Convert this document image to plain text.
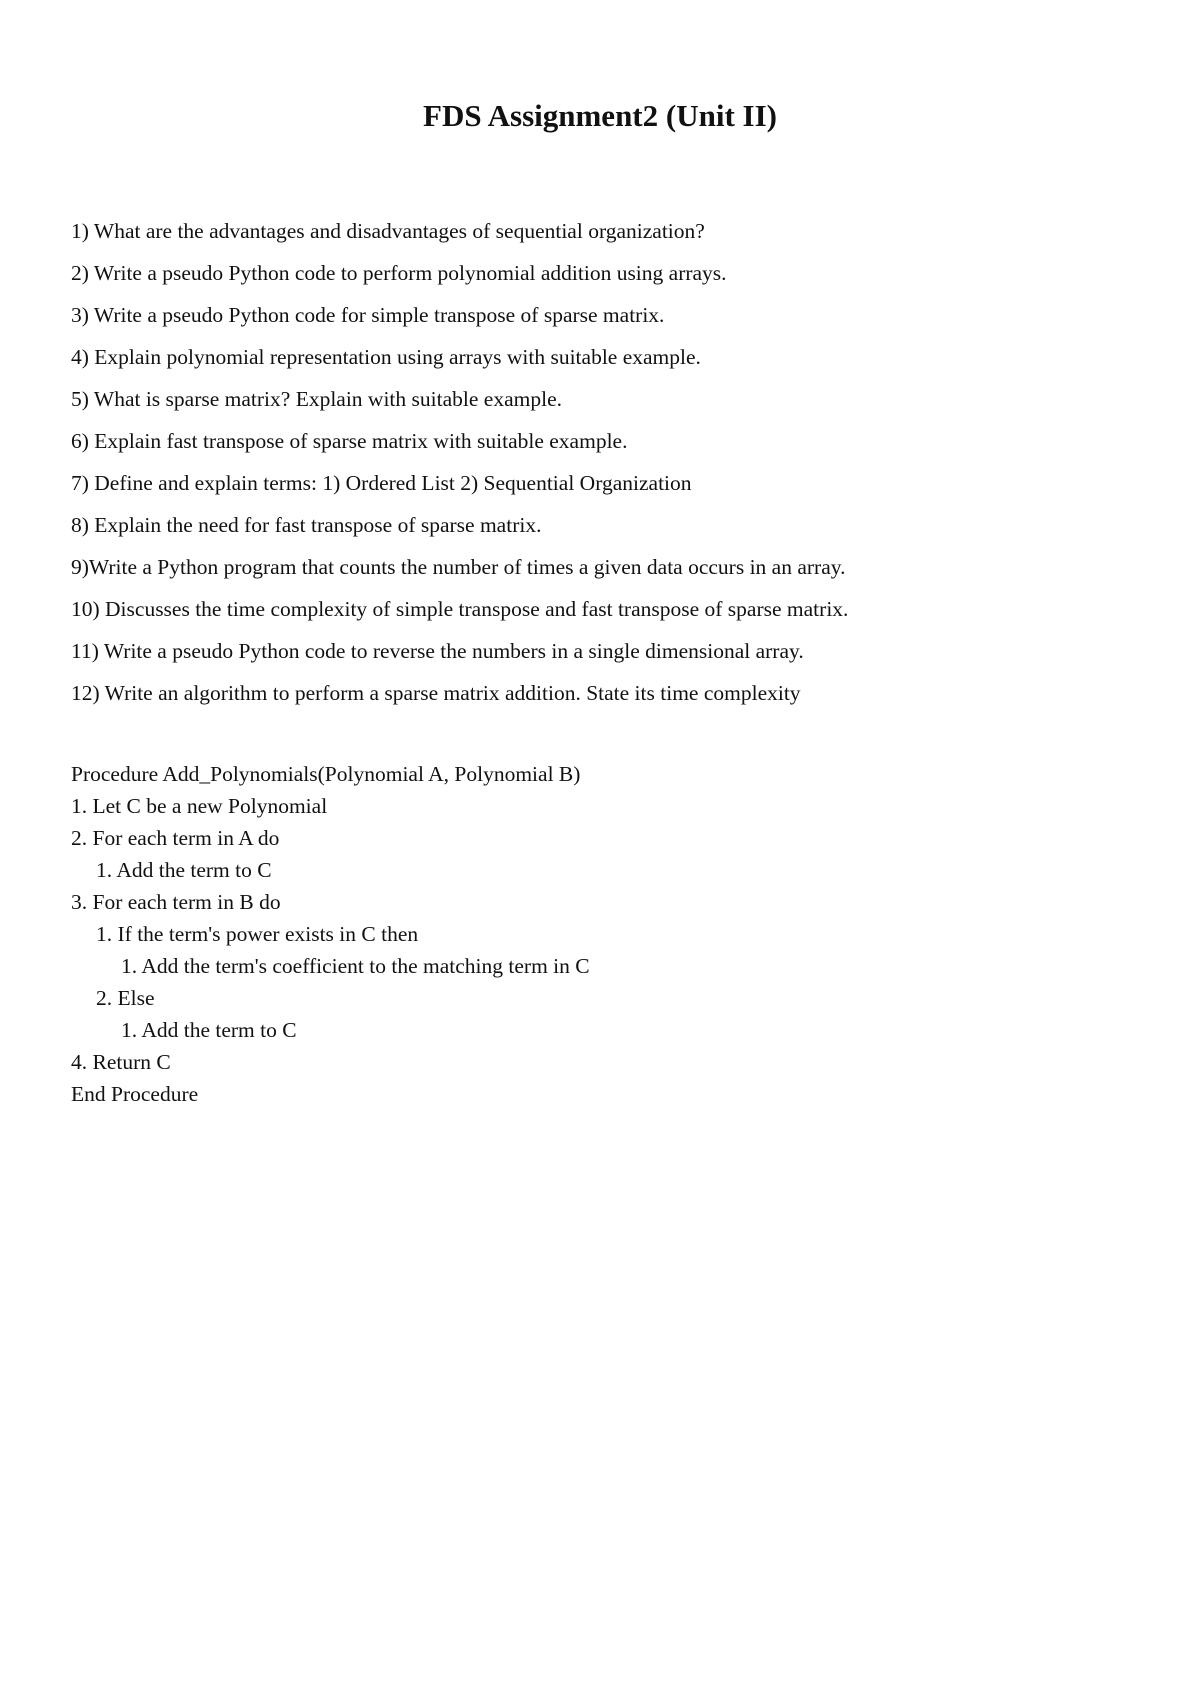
FDS Assignment2 (Unit II)
1) What are the advantages and disadvantages of sequential organization?
2) Write a pseudo Python code to perform polynomial addition using arrays.
3) Write a pseudo Python code for simple transpose of sparse matrix.
4) Explain polynomial representation using arrays with suitable example.
5) What is sparse matrix? Explain with suitable example.
6) Explain fast transpose of sparse matrix with suitable example.
7) Define and explain terms: 1) Ordered List 2) Sequential Organization
8) Explain the need for fast transpose of sparse matrix.
9)Write a Python program that counts the number of times a given data occurs in an array.
10) Discusses the time complexity of simple transpose and fast transpose of sparse matrix.
11) Write a pseudo Python code to reverse the numbers in a single dimensional array.
12) Write an algorithm to perform a sparse matrix addition. State its time complexity
Procedure Add_Polynomials(Polynomial A, Polynomial B)
1. Let C be a new Polynomial
2. For each term in A do
1. Add the term to C
3. For each term in B do
1. If the term's power exists in C then
1. Add the term's coefficient to the matching term in C
2. Else
1. Add the term to C
4. Return C
End Procedure
